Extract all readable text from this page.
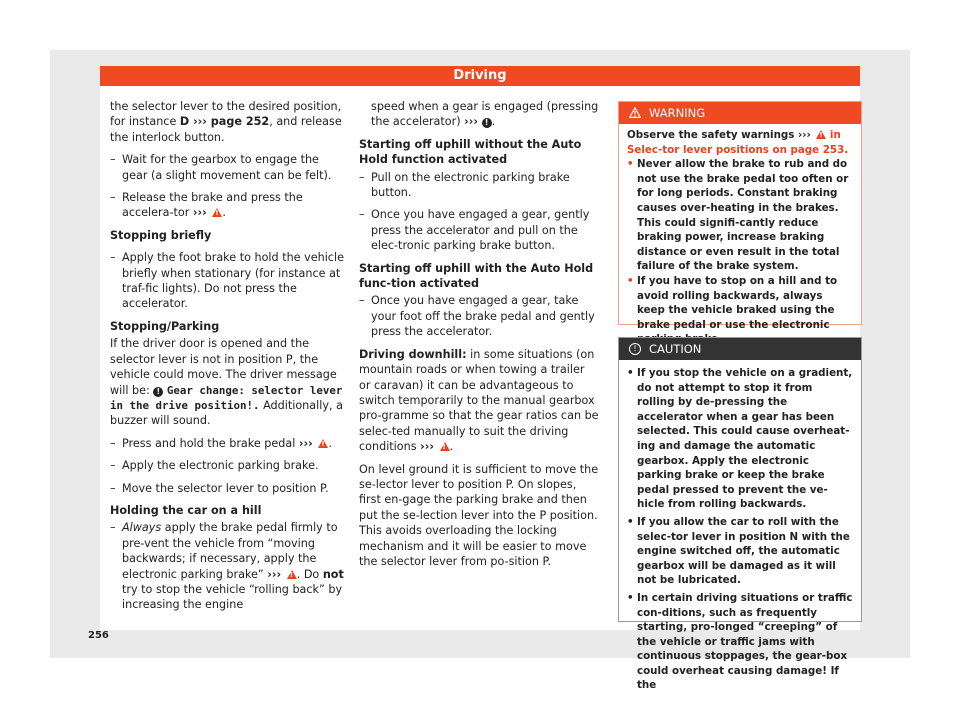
Driving

the selector lever to the desired position, for instance D ››› page 252, and release the interlock button.

– Wait for the gearbox to engage the gear (a slight movement can be felt).
– Release the brake and press the accelera-tor ››› ! .

Stopping briefly

– Apply the foot brake to hold the vehicle briefly when stationary (for instance at traf-fic lights). Do not press the accelerator.

Stopping/Parking

If the driver door is opened and the selector lever is not in position P, the vehicle could move. The driver message will be: ! Gear change: selector lever in the drive position!. Additionally, a buzzer will sound.

– Press and hold the brake pedal ››› ! .
– Apply the electronic parking brake.
– Move the selector lever to position P.

Holding the car on a hill

– Always apply the brake pedal firmly to pre-vent the vehicle from “moving backwards; if necessary, apply the electronic parking brake” ››› ! . Do not try to stop the vehicle “rolling back” by increasing the engine

speed when a gear is engaged (pressing the accelerator) ››› ! .

Starting off uphill without the Auto Hold function activated

– Pull on the electronic parking brake button.
– Once you have engaged a gear, gently press the accelerator and pull on the elec-tronic parking brake button.

Starting off uphill with the Auto Hold func-tion activated

– Once you have engaged a gear, take your foot off the brake pedal and gently press the accelerator.

Driving downhill: in some situations (on mountain roads or when towing a trailer or caravan) it can be advantageous to switch temporarily to the manual gearbox pro-gramme so that the gear ratios can be selec-ted manually to suit the driving conditions ››› ! .

On level ground it is sufficient to move the se-lector lever to position P. On slopes, first en-gage the parking brake and then put the se-lection lever into the P position. This avoids overloading the locking mechanism and it will be easier to move the selector lever from po-sition P.

WARNING

Observe the safety warnings ››› ! in Selec-tor lever positions on page 253.

• Never allow the brake to rub and do not use the brake pedal too often or for long periods. Constant braking causes over-heating in the brakes. This could signifi-cantly reduce braking power, increase braking distance or even result in the total failure of the brake system.

• If you have to stop on a hill and to avoid rolling backwards, always keep the vehicle braked using the brake pedal or use the electronic

!	CAUTION

• If you stop the vehicle on a gradient, do not attempt to stop it from rolling by de-pressing the accelerator when a gear has been selected. This could cause overheat-ing and damage the automatic gearbox. Apply the electronic parking brake or keep the brake pedal pressed to prevent the ve-hicle from rolling backwards.

• If you allow the car to roll with the selec-tor lever in position N with the engine switched off, the automatic gearbox will be damaged as it will not be lubricated.

• In certain driving situations or traffic con-ditions, such as frequently starting, pro-longed “creeping” of the vehicle or traffic jams with continuous stoppages, the gear-box could overheat causing damage! If the

256
